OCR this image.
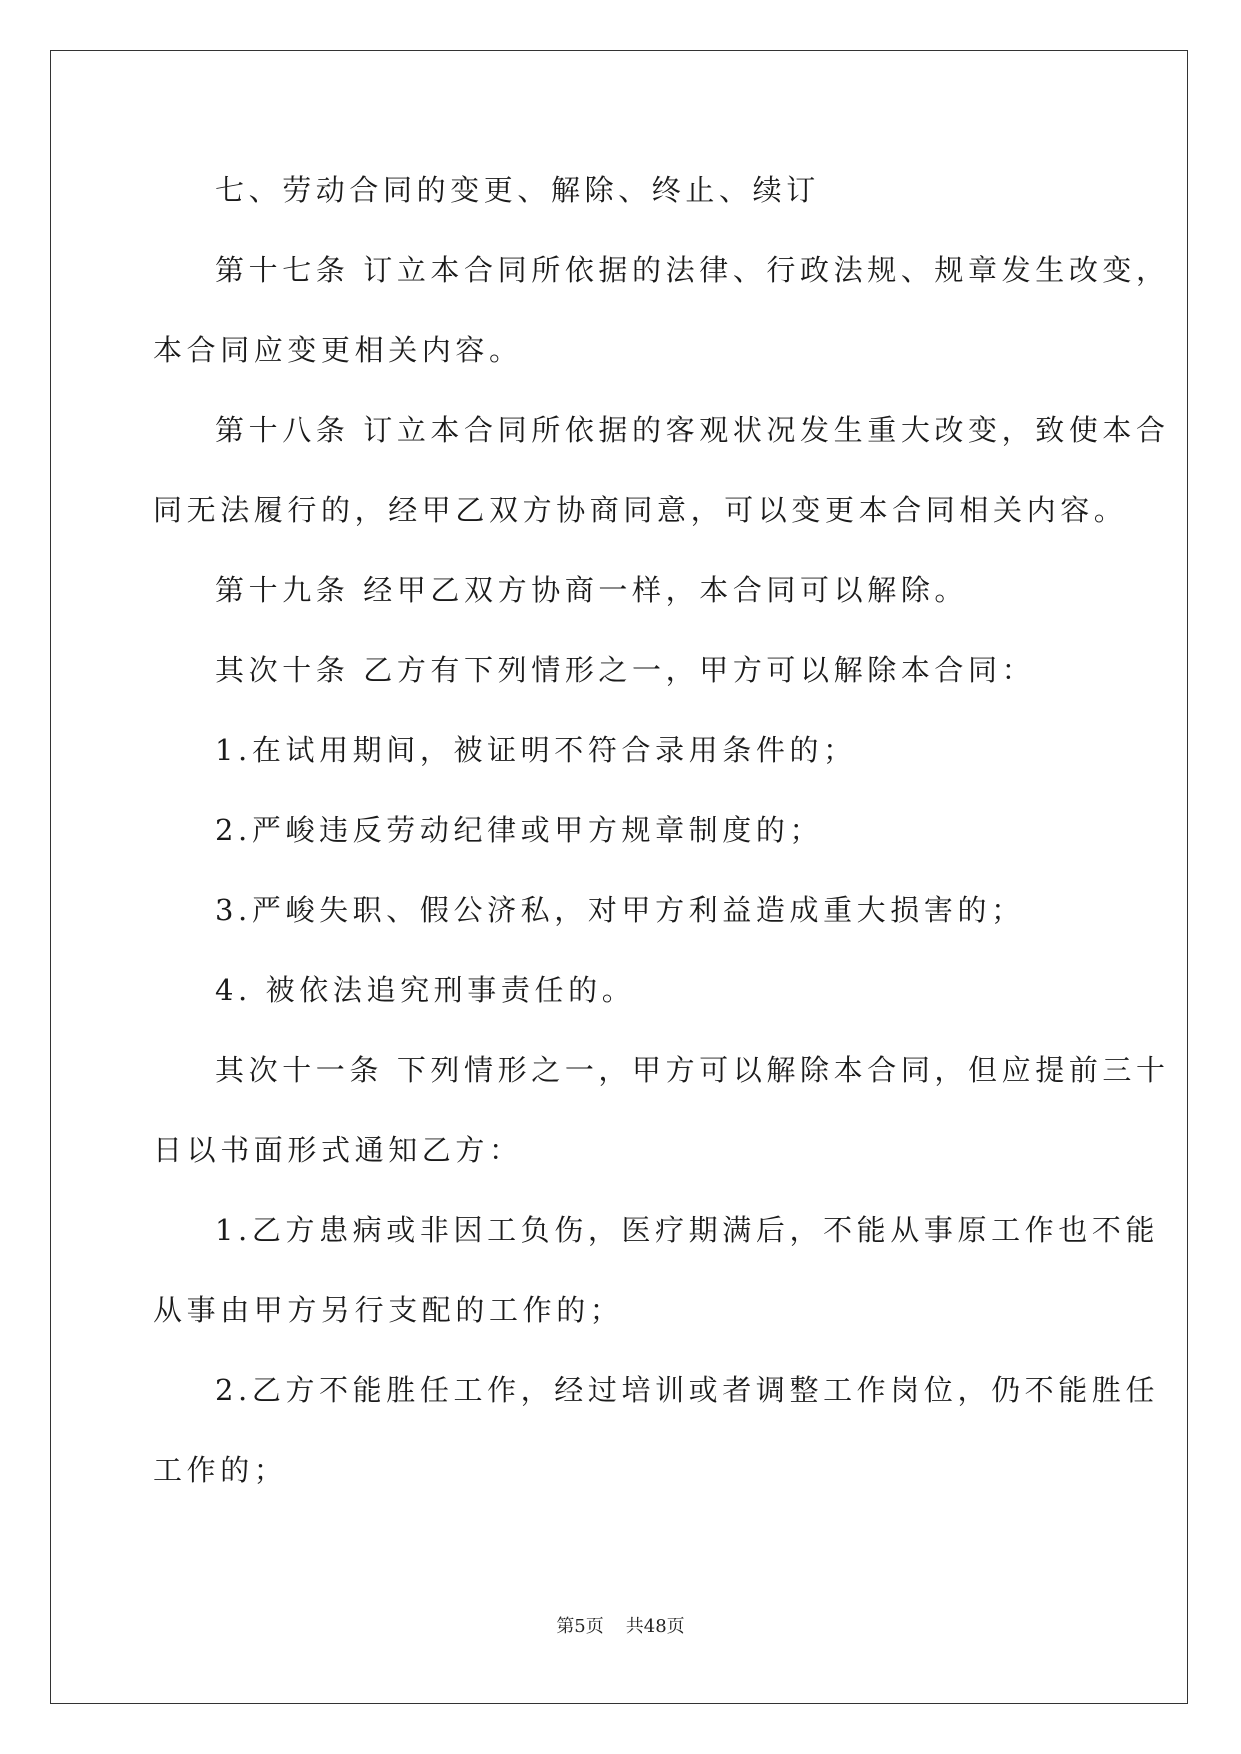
七、劳动合同的变更、解除、终止、续订
第十七条 订立本合同所依据的法律、行政法规、规章发生改变，
本合同应变更相关内容。
第十八条 订立本合同所依据的客观状况发生重大改变，致使本合
同无法履行的，经甲乙双方协商同意，可以变更本合同相关内容。
第十九条 经甲乙双方协商一样，本合同可以解除。
其次十条 乙方有下列情形之一，甲方可以解除本合同：
1.在试用期间，被证明不符合录用条件的；
2.严峻违反劳动纪律或甲方规章制度的；
3.严峻失职、假公济私，对甲方利益造成重大损害的；
4. 被依法追究刑事责任的。
其次十一条 下列情形之一，甲方可以解除本合同，但应提前三十
日以书面形式通知乙方：
1.乙方患病或非因工负伤，医疗期满后，不能从事原工作也不能
从事由甲方另行支配的工作的；
2.乙方不能胜任工作，经过培训或者调整工作岗位，仍不能胜任
工作的；
第5页 共48页
